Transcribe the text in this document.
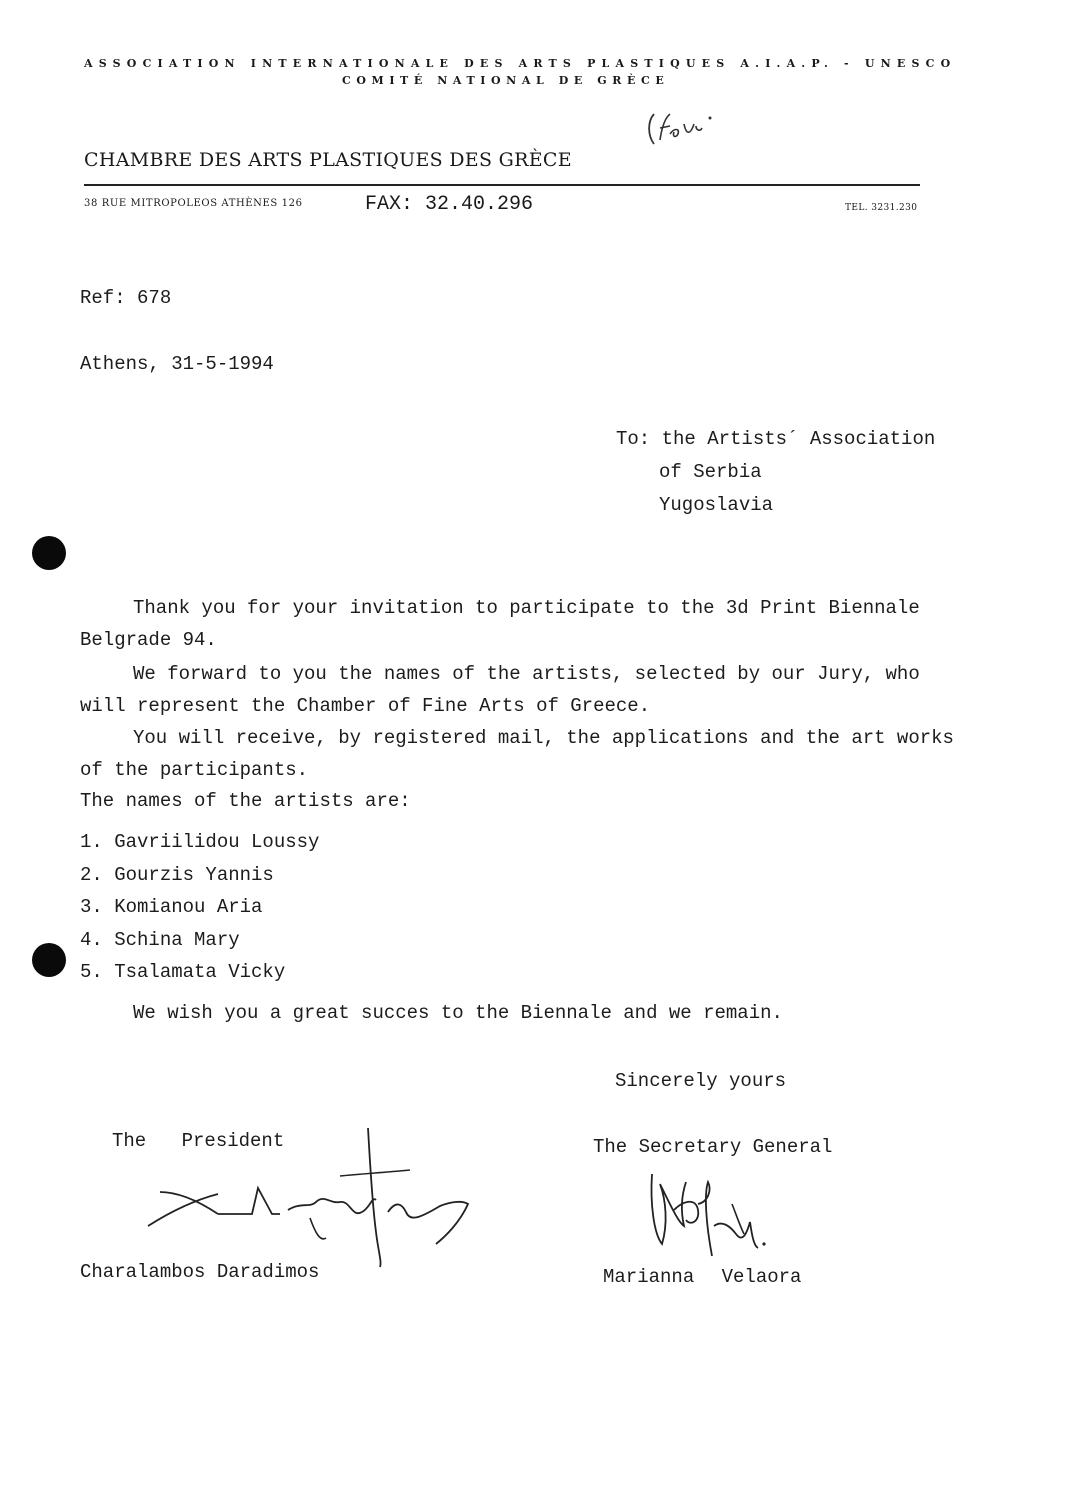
ASSOCIATION INTERNATIONALE DES ARTS PLASTIQUES A.I.A.P. - UNESCO
COMITÉ NATIONAL DE GRÈCE
CHAMBRE DES ARTS PLASTIQUES DES GRÈCE
38 RUE MITROPOLEOS ATHÈNES 126	FAX: 32.40.296	TEL. 3231.230
Ref: 678
Athens, 31-5-1994
To: the Artists´ Association
of Serbia
Yugoslavia
Thank you for your invitation to participate to the 3d Print Biennale
Belgrade 94.
We forward to you the names of the artists, selected by our Jury, who
will represent the Chamber of Fine Arts of Greece.
You will receive, by registered mail, the applications and the art works
of the participants.
The names of the artists are:
1. Gavriilidou Loussy
2. Gourzis Yannis
3. Komianou Aria
4. Schina Mary
5. Tsalamata Vicky
We wish you a great succes to the Biennale and we remain.
Sincerely yours
The President	The Secretary General
Charalambos Daradimos	Marianna Velaora
